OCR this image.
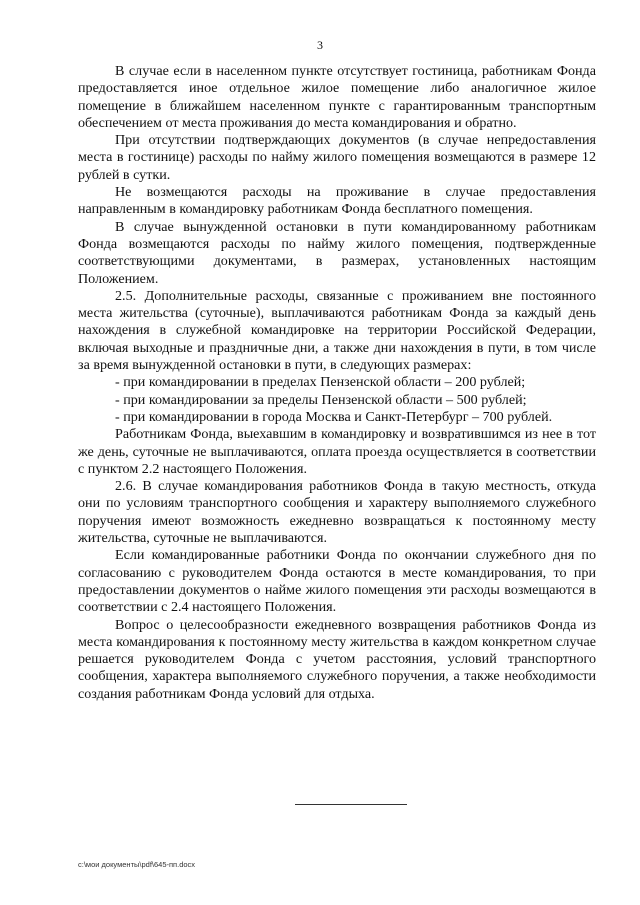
3

В случае если в населенном пункте отсутствует гостиница, работникам Фонда предоставляется иное отдельное жилое помещение либо аналогичное жилое помещение в ближайшем населенном пункте с гарантированным транспортным обеспечением от места проживания до места командирования и обратно.

При отсутствии подтверждающих документов (в случае непредоставления места в гостинице) расходы по найму жилого помещения возмещаются в размере 12 рублей в сутки.

Не возмещаются расходы на проживание в случае предоставления направленным в командировку работникам Фонда бесплатного помещения.

В случае вынужденной остановки в пути командированному работникам Фонда возмещаются расходы по найму жилого помещения, подтвержденные соответствующими документами, в размерах, установленных настоящим Положением.

2.5. Дополнительные расходы, связанные с проживанием вне постоянного места жительства (суточные), выплачиваются работникам Фонда за каждый день нахождения в служебной командировке на территории Российской Федерации, включая выходные и праздничные дни, а также дни нахождения в пути, в том числе за время вынужденной остановки в пути, в следующих размерах:

- при командировании в пределах Пензенской области – 200 рублей;

- при командировании за пределы Пензенской области – 500 рублей;

- при командировании в города Москва и Санкт-Петербург – 700 рублей.

Работникам Фонда, выехавшим в командировку и возвратившимся из нее в тот же день, суточные не выплачиваются, оплата проезда осуществляется в соответствии с пунктом 2.2 настоящего Положения.

2.6. В случае командирования работников Фонда в такую местность, откуда они по условиям транспортного сообщения и характеру выполняемого служебного поручения имеют возможность ежедневно возвращаться к постоянному месту жительства, суточные не выплачиваются.

Если командированные работники Фонда по окончании служебного дня по согласованию с руководителем Фонда остаются в месте командирования, то при предоставлении документов о найме жилого помещения эти расходы возмещаются в соответствии с 2.4 настоящего Положения.

Вопрос о целесообразности ежедневного возвращения работников Фонда из места командирования к постоянному месту жительства в каждом конкретном случае решается руководителем Фонда с учетом расстояния, условий транспортного сообщения, характера выполняемого служебного поручения, а также необходимости создания работникам Фонда условий для отдыха.

c:\мои документы\pdf\645-пп.docx
